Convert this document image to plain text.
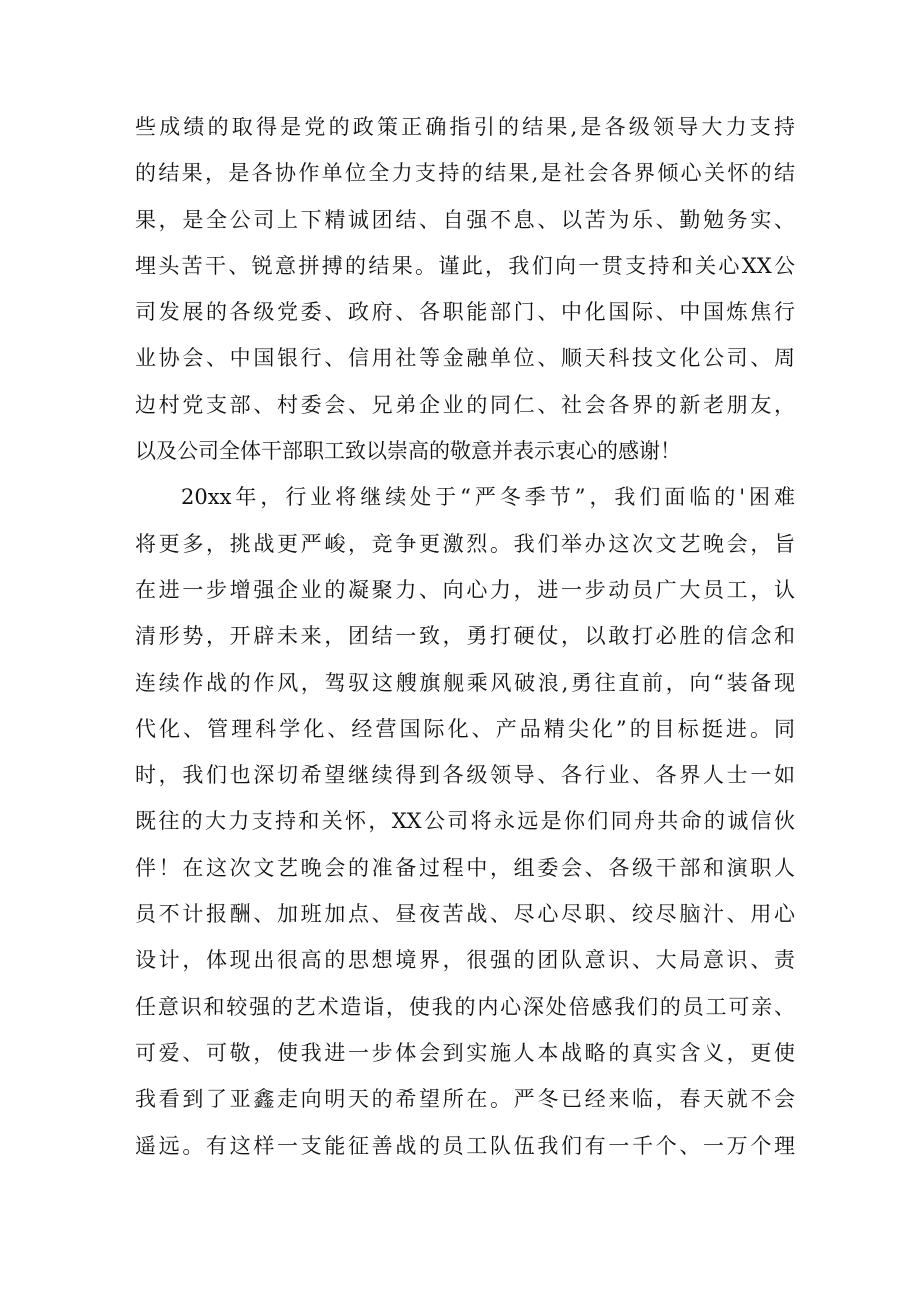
些成绩的取得是党的政策正确指引的结果,是各级领导大力支持
的结果，是各协作单位全力支持的结果,是社会各界倾心关怀的结
果，是全公司上下精诚团结、自强不息、以苦为乐、勤勉务实、
埋头苦干、锐意拼搏的结果。谨此，我们向一贯支持和关心XX公
司发展的各级党委、政府、各职能部门、中化国际、中国炼焦行
业协会、中国银行、信用社等金融单位、顺天科技文化公司、周
边村党支部、村委会、兄弟企业的同仁、社会各界的新老朋友，
以及公司全体干部职工致以崇高的敬意并表示衷心的感谢！
20xx年，行业将继续处于“严冬季节”，我们面临的'困难
将更多，挑战更严峻，竞争更激烈。我们举办这次文艺晚会，旨
在进一步增强企业的凝聚力、向心力，进一步动员广大员工，认
清形势，开辟未来，团结一致，勇打硬仗，以敢打必胜的信念和
连续作战的作风，驾驭这艘旗舰乘风破浪,勇往直前，向“装备现
代化、管理科学化、经营国际化、产品精尖化”的目标挺进。同
时，我们也深切希望继续得到各级领导、各行业、各界人士一如
既往的大力支持和关怀，XX公司将永远是你们同舟共命的诚信伙
伴！在这次文艺晚会的准备过程中，组委会、各级干部和演职人
员不计报酬、加班加点、昼夜苦战、尽心尽职、绞尽脑汁、用心
设计，体现出很高的思想境界，很强的团队意识、大局意识、责
任意识和较强的艺术造诣，使我的内心深处倍感我们的员工可亲、
可爱、可敬，使我进一步体会到实施人本战略的真实含义，更使
我看到了亚鑫走向明天的希望所在。严冬已经来临，春天就不会
遥远。有这样一支能征善战的员工队伍我们有一千个、一万个理
